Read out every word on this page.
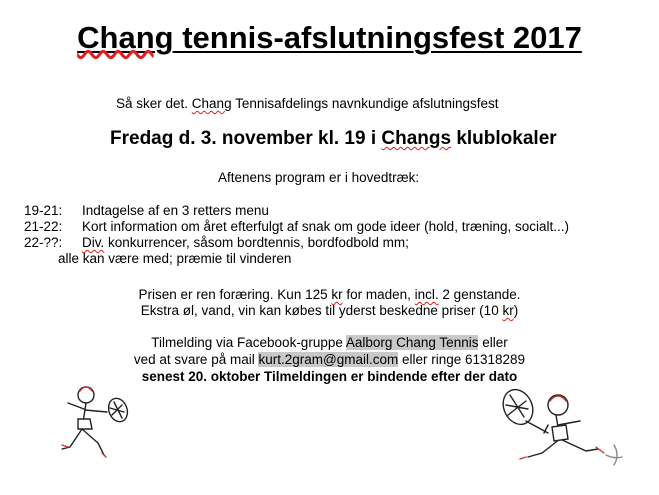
Chang tennis-afslutningsfest 2017
Så sker det. Chang Tennisafdelings navnkundige afslutningsfest
Fredag d. 3. november kl. 19 i Changs klublokaler
Aftenens program er i hovedtræk:
19-21: Indtagelse af en 3 retters menu
21-22: Kort information om året efterfulgt af snak om gode ideer (hold, træning, socialt...)
22-??: Div. konkurrencer, såsom bordtennis, bordfodbold mm;
alle kan være med; præmie til vinderen
Prisen er ren foræring. Kun 125 kr for maden, incl. 2 genstande.
Ekstra øl, vand, vin kan købes til yderst beskedne priser (10 kr)
Tilmelding via Facebook-gruppe Aalborg Chang Tennis eller
ved at svare på mail kurt.2gram@gmail.com eller ringe 61318289
senest 20. oktober Tilmeldingen er bindende efter der dato
